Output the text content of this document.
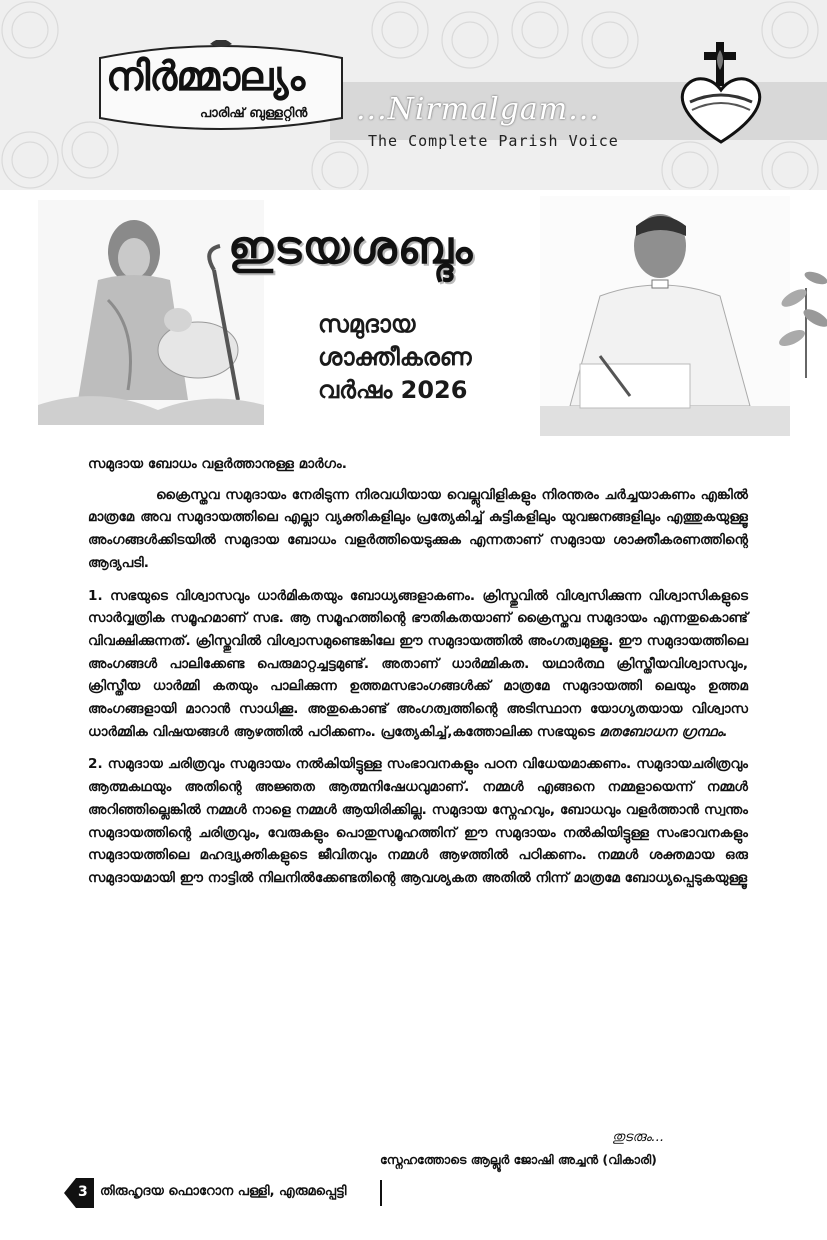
നിർമ്മാല്യം
പാരിഷ് ബുള്ളറ്റിൻ ...Nirmalgam...
The Complete Parish Voice
ഇടയശബ്ദം
സമുദായ
ശാക്തീകരണ
വർഷം 2026

സമുദായ ബോധം വളർത്താനുള്ള മാർഗം.

ക്രൈസ്തവ സമുദായം നേരിടുന്ന നിരവധിയായ വെല്ലുവിളികളും നിരന്തരം ചർച്ചയാകണം എങ്കിൽ മാത്രമേ അവ സമുദായത്തിലെ എല്ലാ വ്യക്തികളിലും പ്രത്യേകിച്ച് കുട്ടികളിലും യുവജനങ്ങളിലും എത്തുകയുള്ളൂ അംഗങ്ങൾക്കിടയിൽ സമുദായ ബോധം വളർത്തിയെടുക്കുക എന്നതാണ് സമുദായ ശാക്തീകരണത്തിന്റെ ആദ്യപടി.

1. സഭയുടെ വിശ്വാസവും ധാർമികതയും ബോധ്യങ്ങളാകണം. ക്രിസ്തുവിൽ വിശ്വസിക്കുന്ന വിശ്വാസികളുടെ സാർവ്വത്രിക സമൂഹമാണ് സഭ. ആ സമൂഹത്തിന്റെ ഭൗതികതയാണ് ക്രൈസ്തവ സമുദായം എന്നതുകൊണ്ട് വിവക്ഷിക്കുന്നത്. ക്രിസ്തുവിൽ വിശ്വാസമുണ്ടെങ്കിലേ ഈ സമുദായത്തിൽ അംഗത്വമുള്ളൂ. ഈ സമുദായത്തിലെ അംഗങ്ങൾ പാലിക്കേണ്ട പെരുമാറ്റച്ചട്ടമുണ്ട്. അതാണ് ധാർമ്മികത. യഥാർത്ഥ ക്രിസ്തീയവിശ്വാസവും, ക്രിസ്തീയ ധാർമ്മി കതയും പാലിക്കുന്ന ഉത്തമസഭാംഗങ്ങൾക്ക് മാത്രമേ സമുദായത്തി ലെയും ഉത്തമ അംഗങ്ങളായി മാറാൻ സാധിക്കൂ. അതുകൊണ്ട് അംഗത്വത്തിന്റെ അടിസ്ഥാന യോഗ്യതയായ വിശ്വാസ ധാർമ്മിക വിഷയങ്ങൾ ആഴത്തിൽ പഠിക്കണം. പ്രത്യേകിച്ച്,കത്തോലിക്ക സഭയുടെ മതബോധന ഗ്രന്ഥം.

2. സമുദായ ചരിത്രവും സമുദായം നൽകിയിട്ടുള്ള സംഭാവനകളും പഠന വിധേയമാക്കണം. സമുദായചരിത്രവും ആത്മകഥയും അതിന്റെ അജ്ഞത ആത്മനിഷേധവുമാണ്. നമ്മൾ എങ്ങനെ നമ്മളായെന്ന് നമ്മൾ അറിഞ്ഞില്ലെങ്കിൽ നമ്മൾ നാളെ നമ്മൾ ആയിരിക്കില്ല. സമുദായ സ്നേഹവും, ബോധവും വളർത്താൻ സ്വന്തം സമുദായത്തിന്റെ ചരിത്രവും, വേരുകളും പൊതുസമൂഹത്തിന് ഈ സമുദായം നൽകിയിട്ടുള്ള സംഭാവനകളും സമുദായത്തിലെ മഹദ്വ്യക്തികളുടെ ജീവിതവും നമ്മൾ ആഴത്തിൽ പഠിക്കണം. നമ്മൾ ശക്തമായ ഒരു സമുദായമായി ഈ നാട്ടിൽ നിലനിൽക്കേണ്ടതിന്റെ ആവശ്യകത അതിൽ നിന്ന് മാത്രമേ ബോധ്യപ്പെടുകയുള്ളൂ

തുടരും...
സ്നേഹത്തോടെ ആല്ലൂർ ജോഷി അച്ചൻ (വികാരി)
3 തിരുഹൃദയ ഫൊറോന പള്ളി, എരുമപ്പെട്ടി
